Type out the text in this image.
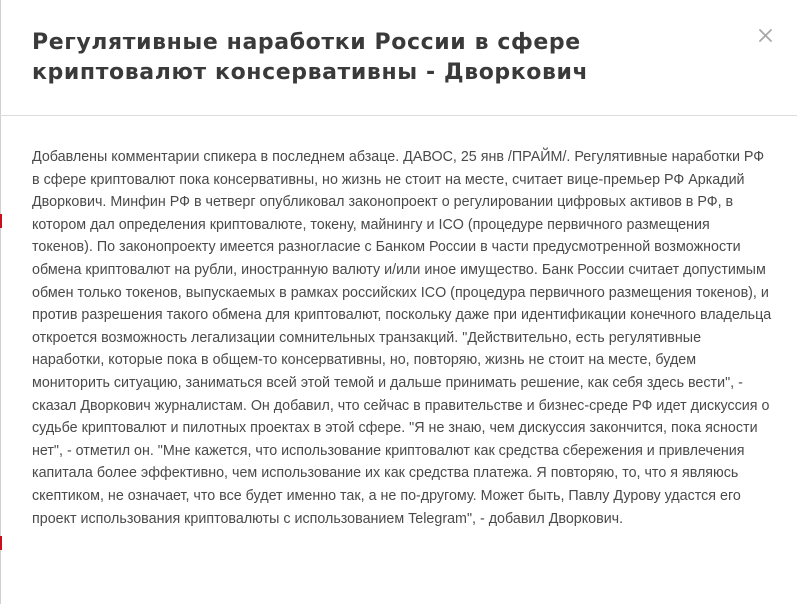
Регулятивные наработки России в сфере криптовалют консервативны - Дворкович

Добавлены комментарии спикера в последнем абзаце. ДАВОС, 25 янв /ПРАЙМ/. Регулятивные наработки РФ в сфере криптовалют пока консервативны, но жизнь не стоит на месте, считает вице-премьер РФ Аркадий Дворкович. Минфин РФ в четверг опубликовал законопроект о регулировании цифровых активов в РФ, в котором дал определения криптовалюте, токену, майнингу и ICO (процедуре первичного размещения токенов). По законопроекту имеется разногласие с Банком России в части предусмотренной возможности обмена криптовалют на рубли, иностранную валюту и/или иное имущество. Банк России считает допустимым обмен только токенов, выпускаемых в рамках российских ICO (процедура первичного размещения токенов), и против разрешения такого обмена для криптовалют, поскольку даже при идентификации конечного владельца откроется возможность легализации сомнительных транзакций. "Действительно, есть регулятивные наработки, которые пока в общем-то консервативны, но, повторяю, жизнь не стоит на месте, будем мониторить ситуацию, заниматься всей этой темой и дальше принимать решение, как себя здесь вести", - сказал Дворкович журналистам. Он добавил, что сейчас в правительстве и бизнес-среде РФ идет дискуссия о судьбе криптовалют и пилотных проектах в этой сфере. "Я не знаю, чем дискуссия закончится, пока ясности нет", - отметил он. "Мне кажется, что использование криптовалют как средства сбережения и привлечения капитала более эффективно, чем использование их как средства платежа. Я повторяю, то, что я являюсь скептиком, не означает, что все будет именно так, а не по-другому. Может быть, Павлу Дурову удастся его проект использования криптовалюты с использованием Telegram", - добавил Дворкович.
